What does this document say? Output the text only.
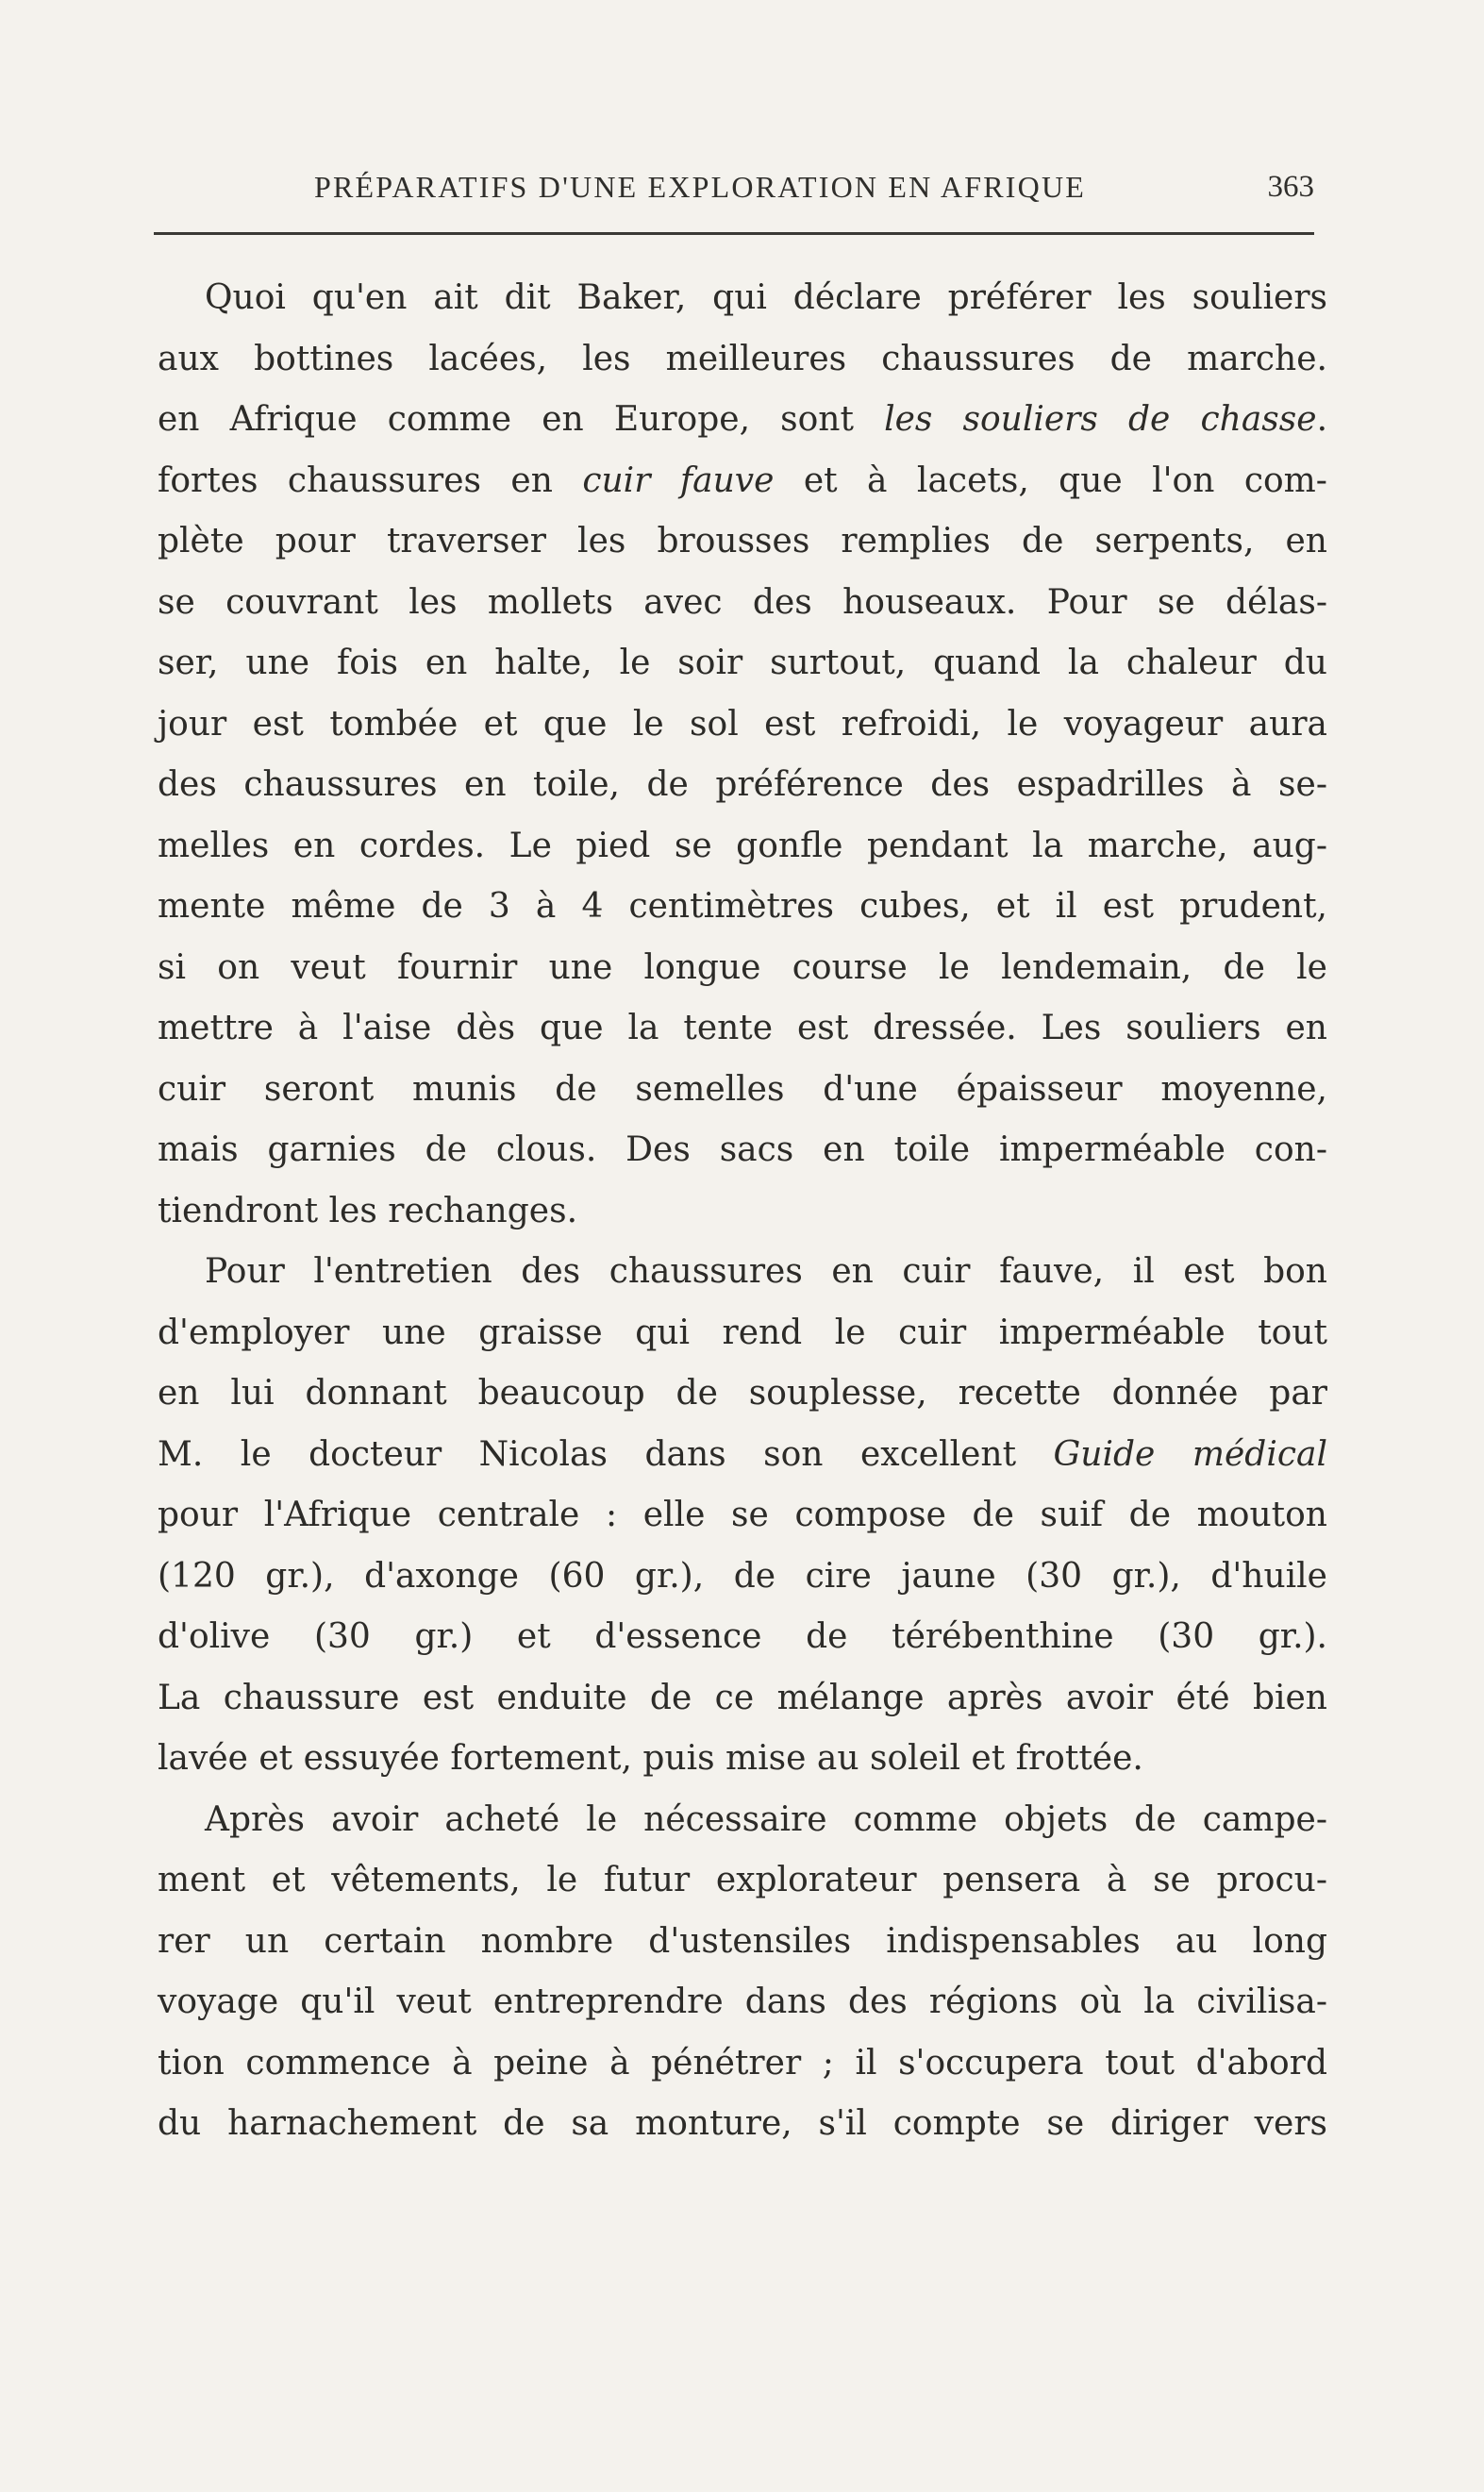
PRÉPARATIFS D'UNE EXPLORATION EN AFRIQUE	363
Quoi qu'en ait dit Baker, qui déclare préférer les souliers
aux bottines lacées, les meilleures chaussures de marche.
en Afrique comme en Europe, sont les souliers de chasse.
fortes chaussures en cuir fauve et à lacets, que l'on com-
plète pour traverser les brousses remplies de serpents, en
se couvrant les mollets avec des houseaux. Pour se délas-
ser, une fois en halte, le soir surtout, quand la chaleur du
jour est tombée et que le sol est refroidi, le voyageur aura
des chaussures en toile, de préférence des espadrilles à se-
melles en cordes. Le pied se gonfle pendant la marche, aug-
mente même de 3 à 4 centimètres cubes, et il est prudent,
si on veut fournir une longue course le lendemain, de le
mettre à l'aise dès que la tente est dressée. Les souliers en
cuir seront munis de semelles d'une épaisseur moyenne,
mais garnies de clous. Des sacs en toile imperméable con-
tiendront les rechanges.
Pour l'entretien des chaussures en cuir fauve, il est bon
d'employer une graisse qui rend le cuir imperméable tout
en lui donnant beaucoup de souplesse, recette donnée par
M. le docteur Nicolas dans son excellent Guide médical
pour l'Afrique centrale : elle se compose de suif de mouton
(120 gr.), d'axonge (60 gr.), de cire jaune (30 gr.), d'huile
d'olive (30 gr.) et d'essence de térébenthine (30 gr.).
La chaussure est enduite de ce mélange après avoir été bien
lavée et essuyée fortement, puis mise au soleil et frottée.
Après avoir acheté le nécessaire comme objets de campe-
ment et vêtements, le futur explorateur pensera à se procu-
rer un certain nombre d'ustensiles indispensables au long
voyage qu'il veut entreprendre dans des régions où la civilisa-
tion commence à peine à pénétrer ; il s'occupera tout d'abord
du harnachement de sa monture, s'il compte se diriger vers
